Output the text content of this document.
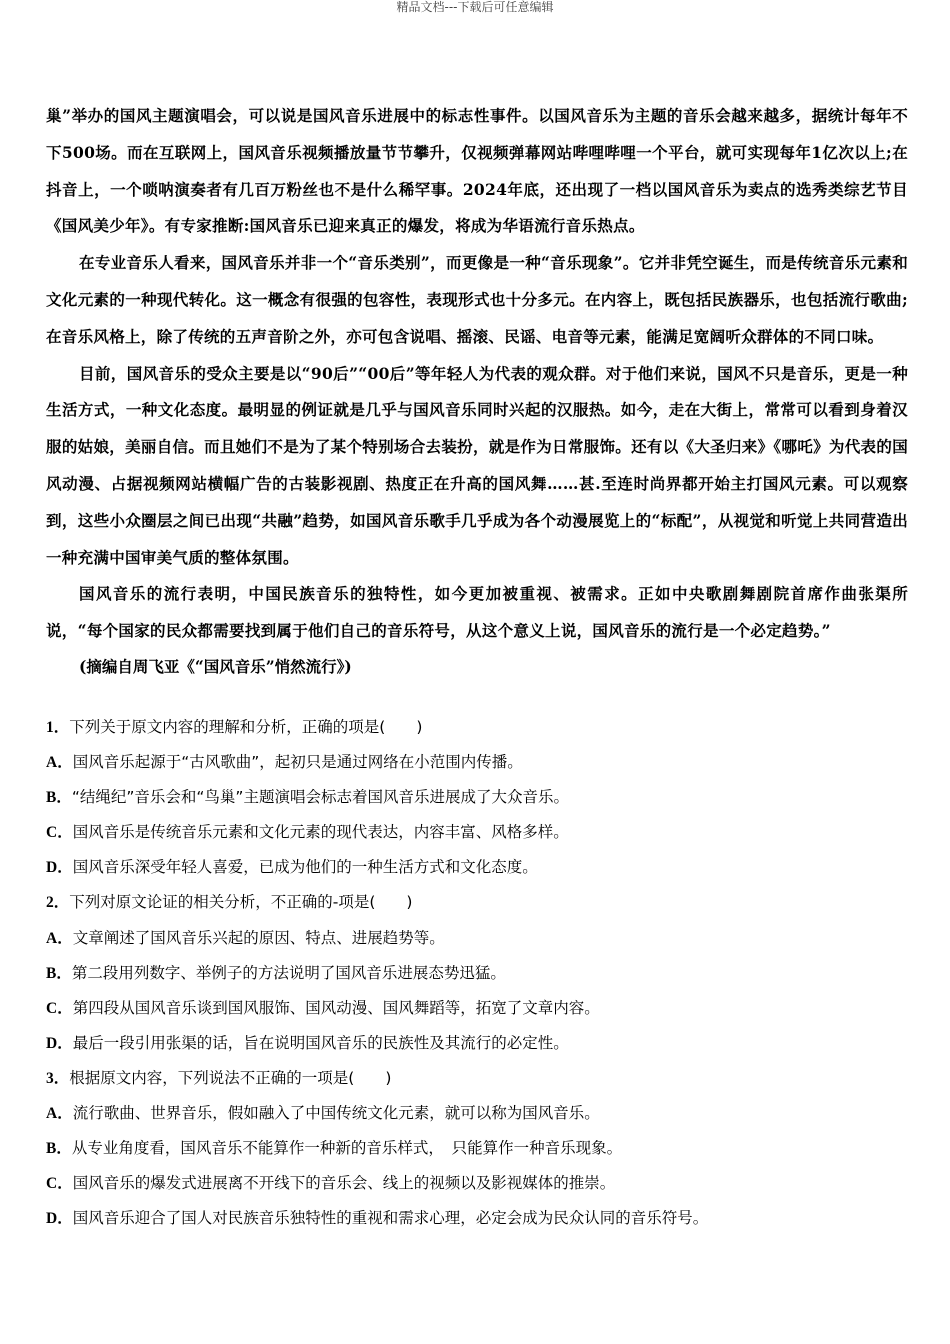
精品文档---下载后可任意编辑

巢”举办的国风主题演唱会，可以说是国风音乐进展中的标志性事件。以国风音乐为主题的音乐会越来越多，据统计每年不下500场。而在互联网上，国风音乐视频播放量节节攀升，仅视频弹幕网站哔哩哔哩一个平台，就可实现每年1亿次以上;在抖音上，一个唢呐演奏者有几百万粉丝也不是什么稀罕事。2024年底，还出现了一档以国风音乐为卖点的选秀类综艺节目《国风美少年》。有专家推断:国风音乐已迎来真正的爆发，将成为华语流行音乐热点。

在专业音乐人看来，国风音乐并非一个“音乐类别”，而更像是一种“音乐现象”。它并非凭空诞生，而是传统音乐元素和文化元素的一种现代转化。这一概念有很强的包容性，表现形式也十分多元。在内容上，既包括民族器乐，也包括流行歌曲;在音乐风格上，除了传统的五声音阶之外，亦可包含说唱、摇滚、民谣、电音等元素，能满足宽阔听众群体的不同口味。

目前，国风音乐的受众主要是以“90后”“00后”等年轻人为代表的观众群。对于他们来说，国风不只是音乐，更是一种生活方式，一种文化态度。最明显的例证就是几乎与国风音乐同时兴起的汉服热。如今，走在大街上，常常可以看到身着汉服的姑娘，美丽自信。而且她们不是为了某个特别场合去装扮，就是作为日常服饰。还有以《大圣归来》《哪吒》为代表的国风动漫、占据视频网站横幅广告的古装影视剧、热度正在升高的国风舞……甚.至连时尚界都开始主打国风元素。可以观察到，这些小众圈层之间已出现“共融”趋势，如国风音乐歌手几乎成为各个动漫展览上的“标配”，从视觉和听觉上共同营造出一种充满中国审美气质的整体氛围。

国风音乐的流行表明，中国民族音乐的独特性，如今更加被重视、被需求。正如中央歌剧舞剧院首席作曲张渠所说，“每个国家的民众都需要找到属于他们自己的音乐符号，从这个意义上说，国风音乐的流行是一个必定趋势。”

(摘编自周飞亚《“国风音乐”悄然流行》)

1．下列关于原文内容的理解和分析，正确的项是(　　)

A．国风音乐起源于“古风歌曲”，起初只是通过网络在小范围内传播。

B．“结绳纪”音乐会和“鸟巢”主题演唱会标志着国风音乐进展成了大众音乐。

C．国风音乐是传统音乐元素和文化元素的现代表达，内容丰富、风格多样。

D．国风音乐深受年轻人喜爱，已成为他们的一种生活方式和文化态度。

2．下列对原文论证的相关分析，不正确的-项是(　　)

A．文章阐述了国风音乐兴起的原因、特点、进展趋势等。

B．第二段用列数字、举例子的方法说明了国风音乐进展态势迅猛。

C．第四段从国风音乐谈到国风服饰、国风动漫、国风舞蹈等，拓宽了文章内容。

D．最后一段引用张渠的话，旨在说明国风音乐的民族性及其流行的必定性。

3．根据原文内容，下列说法不正确的一项是(　　)

A．流行歌曲、世界音乐，假如融入了中国传统文化元素，就可以称为国风音乐。

B．从专业角度看，国风音乐不能算作一种新的音乐样式，　只能算作一种音乐现象。

C．国风音乐的爆发式进展离不开线下的音乐会、线上的视频以及影视媒体的推崇。

D．国风音乐迎合了国人对民族音乐独特性的重视和需求心理，必定会成为民众认同的音乐符号。
